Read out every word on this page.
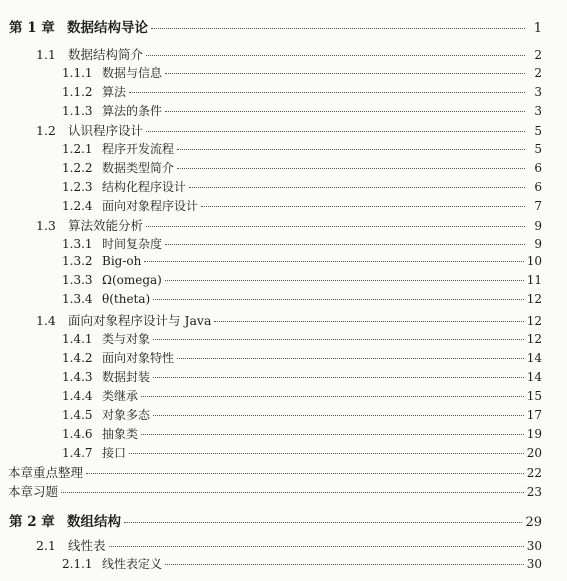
第 1 章 数据结构导论	1
1.1 数据结构简介	2
1.1.1 数据与信息	2
1.1.2 算法	3
1.1.3 算法的条件	3
1.2 认识程序设计	5
1.2.1 程序开发流程	5
1.2.2 数据类型简介	6
1.2.3 结构化程序设计	6
1.2.4 面向对象程序设计	7
1.3 算法效能分析	9
1.3.1 时间复杂度	9
1.3.2 Big-oh	10
1.3.3 Ω(omega)	11
1.3.4 θ(theta)	12
1.4 面向对象程序设计与 Java	12
1.4.1 类与对象	12
1.4.2 面向对象特性	14
1.4.3 数据封装	14
1.4.4 类继承	15
1.4.5 对象多态	17
1.4.6 抽象类	19
1.4.7 接口	20
本章重点整理	22
本章习题	23
第 2 章 数组结构	29
2.1 线性表	30
2.1.1 线性表定义	30
